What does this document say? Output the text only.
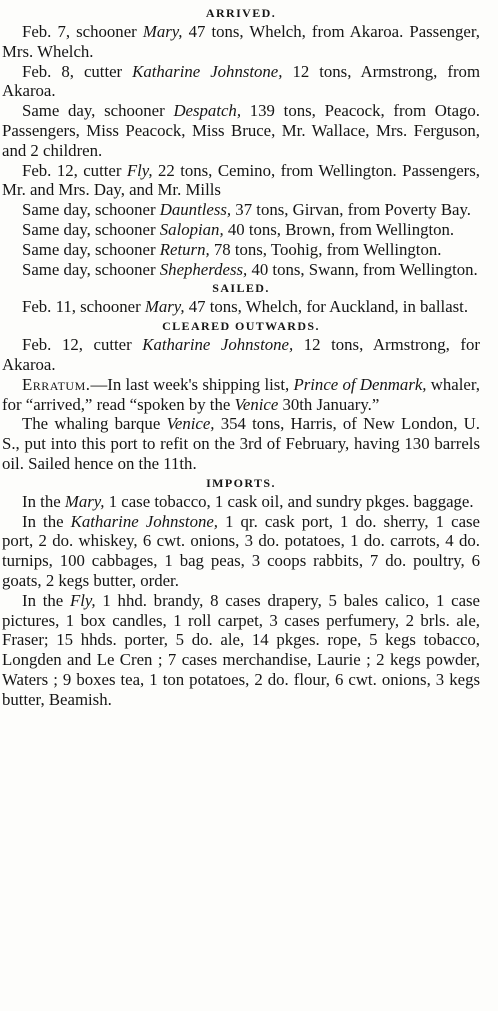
ARRIVED.

Feb. 7, schooner Mary, 47 tons, Whelch, from Akaroa. Passenger, Mrs. Whelch.

Feb. 8, cutter Katharine Johnstone, 12 tons, Armstrong, from Akaroa.

Same day, schooner Despatch, 139 tons, Peacock, from Otago. Passengers, Miss Peacock, Miss Bruce, Mr. Wallace, Mrs. Ferguson, and 2 children.

Feb. 12, cutter Fly, 22 tons, Cemino, from Wellington. Passengers, Mr. and Mrs. Day, and Mr. Mills

Same day, schooner Dauntless, 37 tons, Girvan, from Poverty Bay.

Same day, schooner Salopian, 40 tons, Brown, from Wellington.

Same day, schooner Return, 78 tons, Toohig, from Wellington.

Same day, schooner Shepherdess, 40 tons, Swann, from Wellington.

SAILED.

Feb. 11, schooner Mary, 47 tons, Whelch, for Auckland, in ballast.

CLEARED OUTWARDS.

Feb. 12, cutter Katharine Johnstone, 12 tons, Armstrong, for Akaroa.

Erratum.—In last week's shipping list, Prince of Denmark, whaler, for “arrived,” read “spoken by the Venice 30th January.”

The whaling barque Venice, 354 tons, Harris, of New London, U. S., put into this port to refit on the 3rd of February, having 130 barrels oil. Sailed hence on the 11th.

IMPORTS.

In the Mary, 1 case tobacco, 1 cask oil, and sundry pkges. baggage.

In the Katharine Johnstone, 1 qr. cask port, 1 do. sherry, 1 case port, 2 do. whiskey, 6 cwt. onions, 3 do. potatoes, 1 do. carrots, 4 do. turnips, 100 cabbages, 1 bag peas, 3 coops rabbits, 7 do. poultry, 6 goats, 2 kegs butter, order.

In the Fly, 1 hhd. brandy, 8 cases drapery, 5 bales calico, 1 case pictures, 1 box candles, 1 roll carpet, 3 cases perfumery, 2 brls. ale, Fraser; 15 hhds. porter, 5 do. ale, 14 pkges. rope, 5 kegs tobacco, Longden and Le Cren ; 7 cases merchandise, Laurie ; 2 kegs powder, Waters ; 9 boxes tea, 1 ton potatoes, 2 do. flour, 6 cwt. onions, 3 kegs butter, Beamish.
